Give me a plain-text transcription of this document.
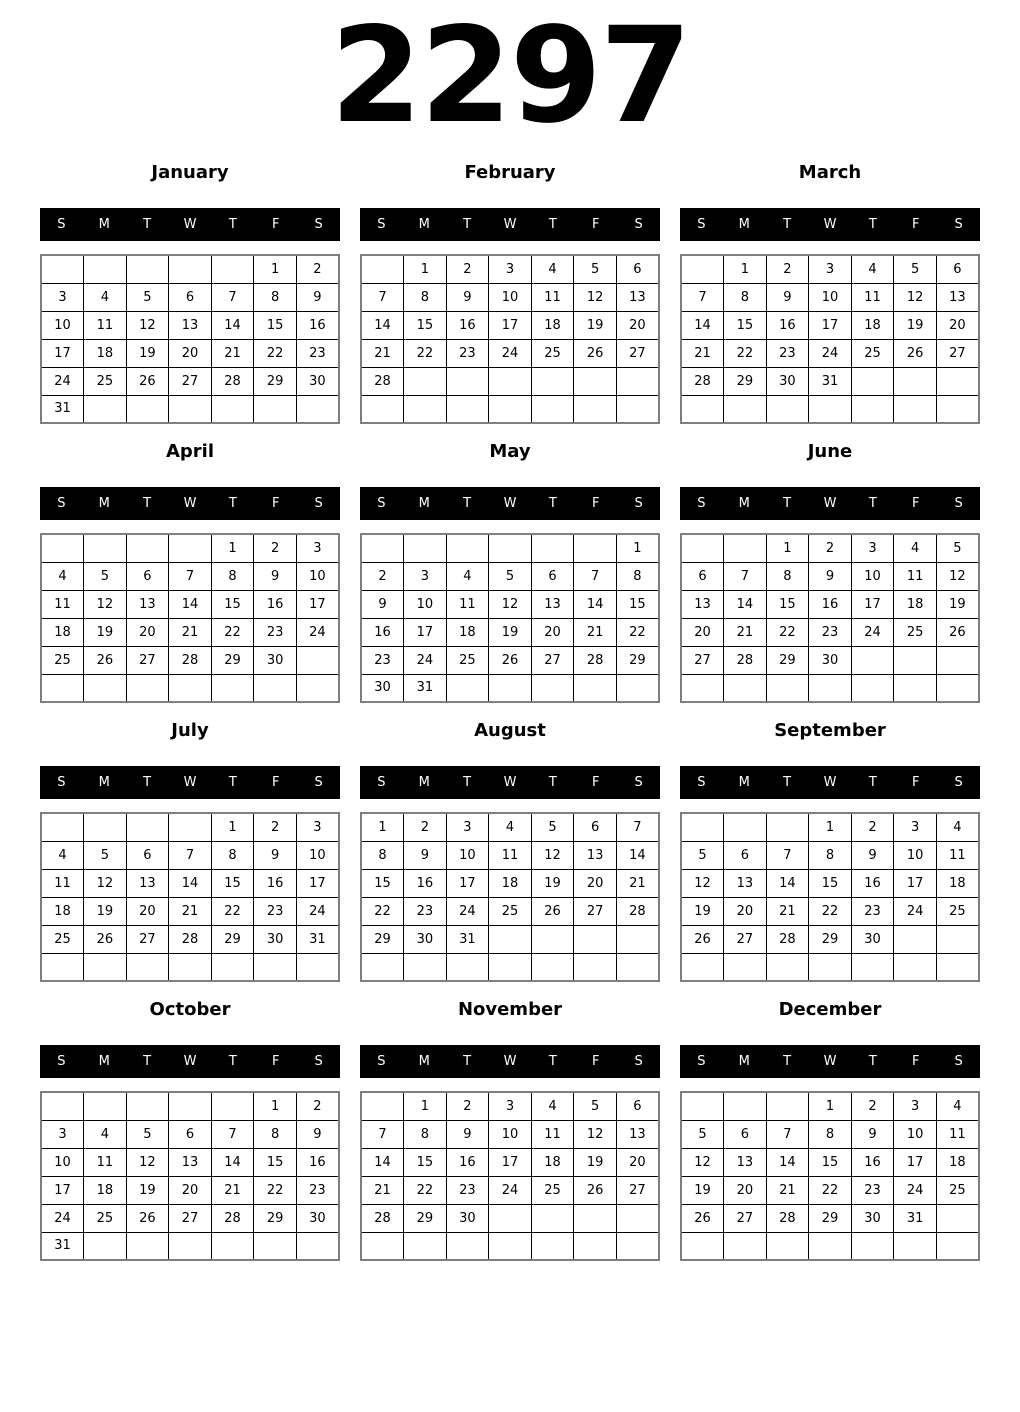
2297
January
S	M	T	W	T	F	S
					1	2
3	4	5	6	7	8	9
10	11	12	13	14	15	16
17	18	19	20	21	22	23
24	25	26	27	28	29	30
31						
February
S	M	T	W	T	F	S
	1	2	3	4	5	6
7	8	9	10	11	12	13
14	15	16	17	18	19	20
21	22	23	24	25	26	27
28						

March
S	M	T	W	T	F	S
	1	2	3	4	5	6
7	8	9	10	11	12	13
14	15	16	17	18	19	20
21	22	23	24	25	26	27
28	29	30	31			

April
S	M	T	W	T	F	S
				1	2	3
4	5	6	7	8	9	10
11	12	13	14	15	16	17
18	19	20	21	22	23	24
25	26	27	28	29	30	

May
S	M	T	W	T	F	S
						1
2	3	4	5	6	7	8
9	10	11	12	13	14	15
16	17	18	19	20	21	22
23	24	25	26	27	28	29
30	31					
June
S	M	T	W	T	F	S
		1	2	3	4	5
6	7	8	9	10	11	12
13	14	15	16	17	18	19
20	21	22	23	24	25	26
27	28	29	30			

July
S	M	T	W	T	F	S
				1	2	3
4	5	6	7	8	9	10
11	12	13	14	15	16	17
18	19	20	21	22	23	24
25	26	27	28	29	30	31

August
S	M	T	W	T	F	S
1	2	3	4	5	6	7
8	9	10	11	12	13	14
15	16	17	18	19	20	21
22	23	24	25	26	27	28
29	30	31				

September
S	M	T	W	T	F	S
			1	2	3	4
5	6	7	8	9	10	11
12	13	14	15	16	17	18
19	20	21	22	23	24	25
26	27	28	29	30		

October
S	M	T	W	T	F	S
					1	2
3	4	5	6	7	8	9
10	11	12	13	14	15	16
17	18	19	20	21	22	23
24	25	26	27	28	29	30
31						
November
S	M	T	W	T	F	S
	1	2	3	4	5	6
7	8	9	10	11	12	13
14	15	16	17	18	19	20
21	22	23	24	25	26	27
28	29	30				

December
S	M	T	W	T	F	S
			1	2	3	4
5	6	7	8	9	10	11
12	13	14	15	16	17	18
19	20	21	22	23	24	25
26	27	28	29	30	31	
